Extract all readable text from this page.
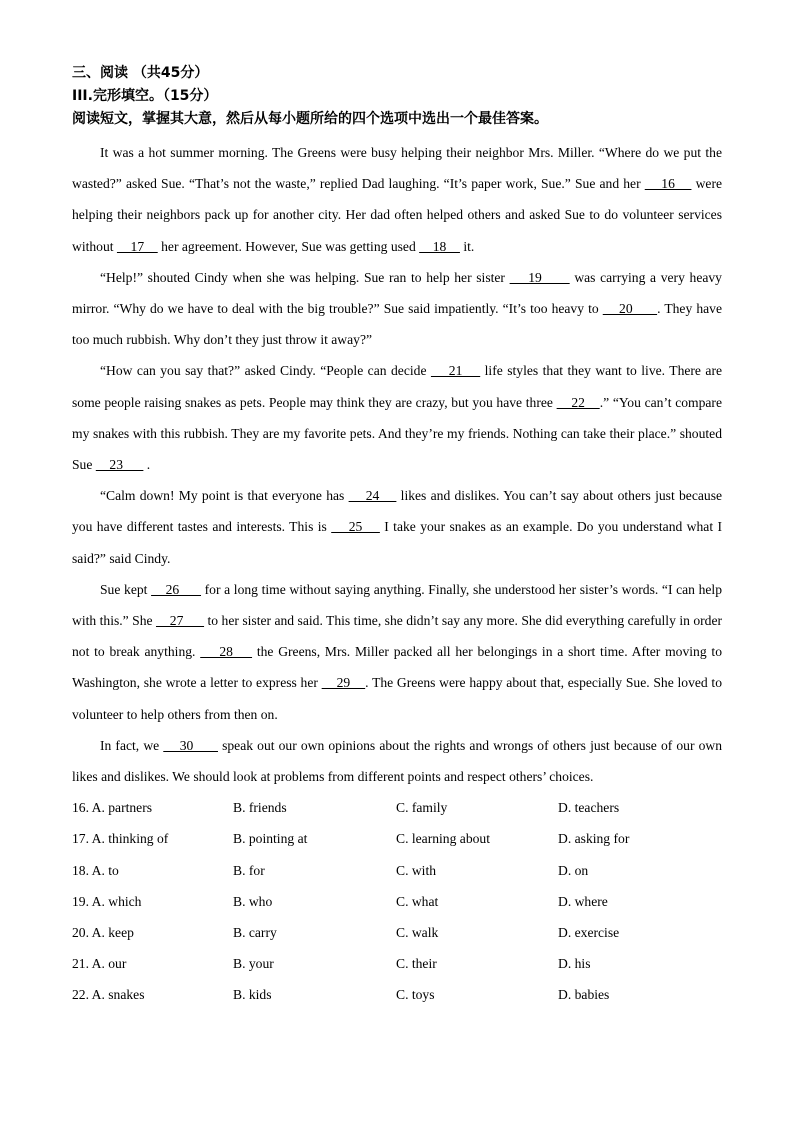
三、阅读 （共45分）
III.完形填空。（15分）
阅读短文，掌握其大意，然后从每小题所给的四个选项中选出一个最佳答案。

It was a hot summer morning. The Greens were busy helping their neighbor Mrs. Miller. “Where do we put the wasted?” asked Sue. “That’s not the waste,” replied Dad laughing. “It’s paper work, Sue.” Sue and her     16     were helping their neighbors pack up for another city. Her dad often helped others and asked Sue to do volunteer services without     17     her agreement. However, Sue was getting used     18     it.

“Help!” shouted Cindy when she was helping. Sue ran to help her sister     19       was carrying a very heavy mirror. “Why do we have to deal with the big trouble?” Sue said impatiently. “It’s too heavy to     20      . They have too much rubbish. Why don’t they just throw it away?”

“How can you say that?” asked Cindy. “People can decide     21     life styles that they want to live. There are some people raising snakes as pets. People may think they are crazy, but you have three     22    .” “You can’t compare my snakes with this rubbish. They are my favorite pets. And they’re my friends. Nothing can take their place.” shouted Sue     23       .

“Calm down! My point is that everyone has     24     likes and dislikes. You can’t say about others just because you have different tastes and interests. This is     25     I take your snakes as an example. Do you understand what I said?” said Cindy.

Sue kept     26       for a long time without saying anything. Finally, she understood her sister’s words. “I can help with this.” She     27       to her sister and said. This time, she didn’t say any more. She did everything carefully in order not to break anything.     28     the Greens, Mrs. Miller packed all her belongings in a short time. After moving to Washington, she wrote a letter to express her     29    . The Greens were happy about that, especially Sue. She loved to volunteer to help others from then on.

In fact, we     30       speak out our own opinions about the rights and wrongs of others just because of our own likes and dislikes. We should look at problems from different points and respect others’ choices.

16. A. partners	B. friends	C. family	D. teachers
17. A. thinking of	B. pointing at	C. learning about	D. asking for
18. A. to	B. for	C. with	D. on
19. A. which	B. who	C. what	D. where
20. A. keep	B. carry	C. walk	D. exercise
21. A. our	B. your	C. their	D. his
22. A. snakes	B. kids	C. toys	D. babies
